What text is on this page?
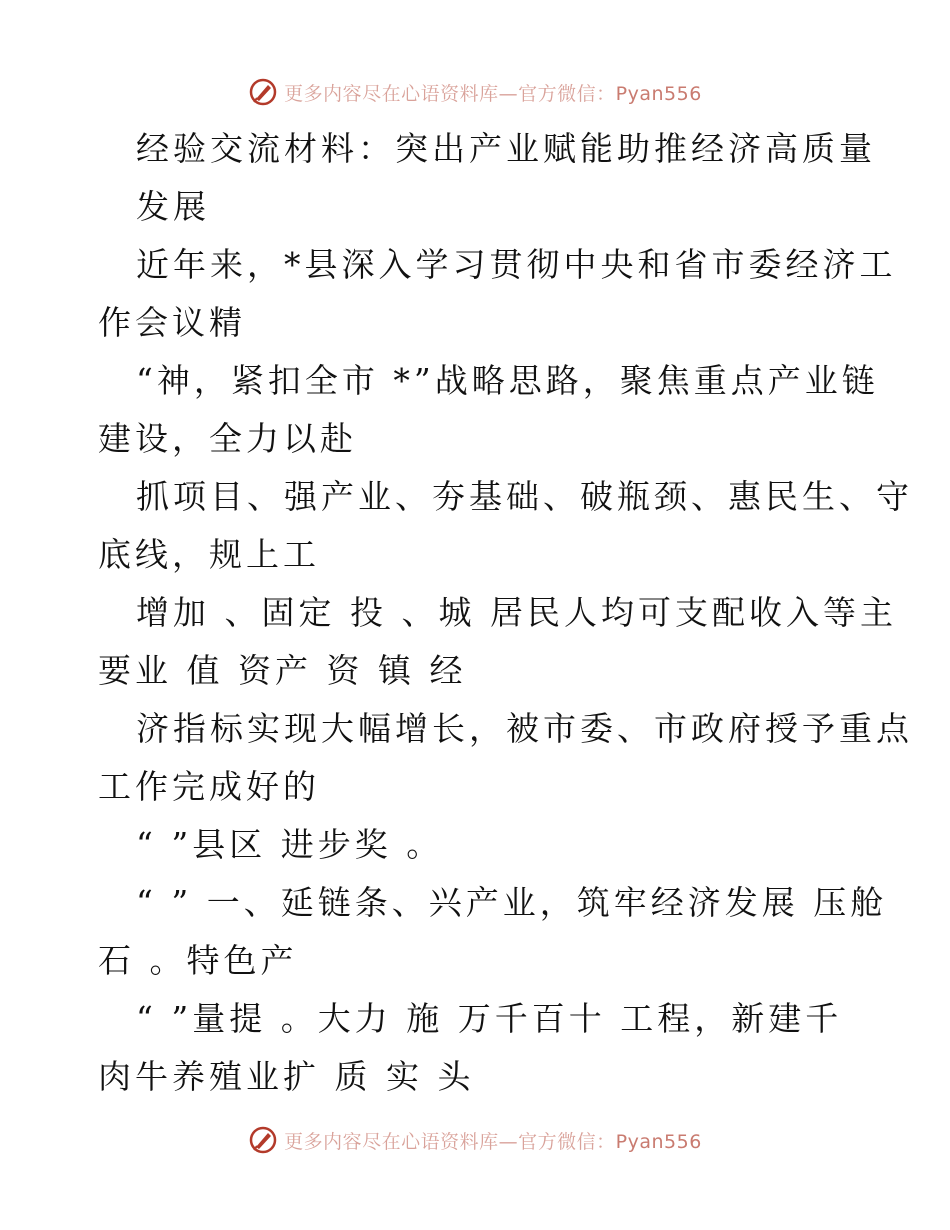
更多内容尽在心语资料库—官方微信：Pyan556
经验交流材料：突出产业赋能助推经济高质量
发展
近年来，*县深入学习贯彻中央和省市委经济工
作会议精
“神，紧扣全市 *”战略思路，聚焦重点产业链
建设，全力以赴
抓项目、强产业、夯基础、破瓶颈、惠民生、守
底线，规上工
增加 、固定 投 、城 居民人均可支配收入等主
要业 值 资产 资 镇 经
济指标实现大幅增长，被市委、市政府授予重点
工作完成好的
“ ”县区 进步奖 。
“ ” 一、延链条、兴产业，筑牢经济发展 压舱
石 。特色产
“ ”量提 。大力 施 万千百十 工程，新建千
肉牛养殖业扩 质 实 头
更多内容尽在心语资料库—官方微信：Pyan556
